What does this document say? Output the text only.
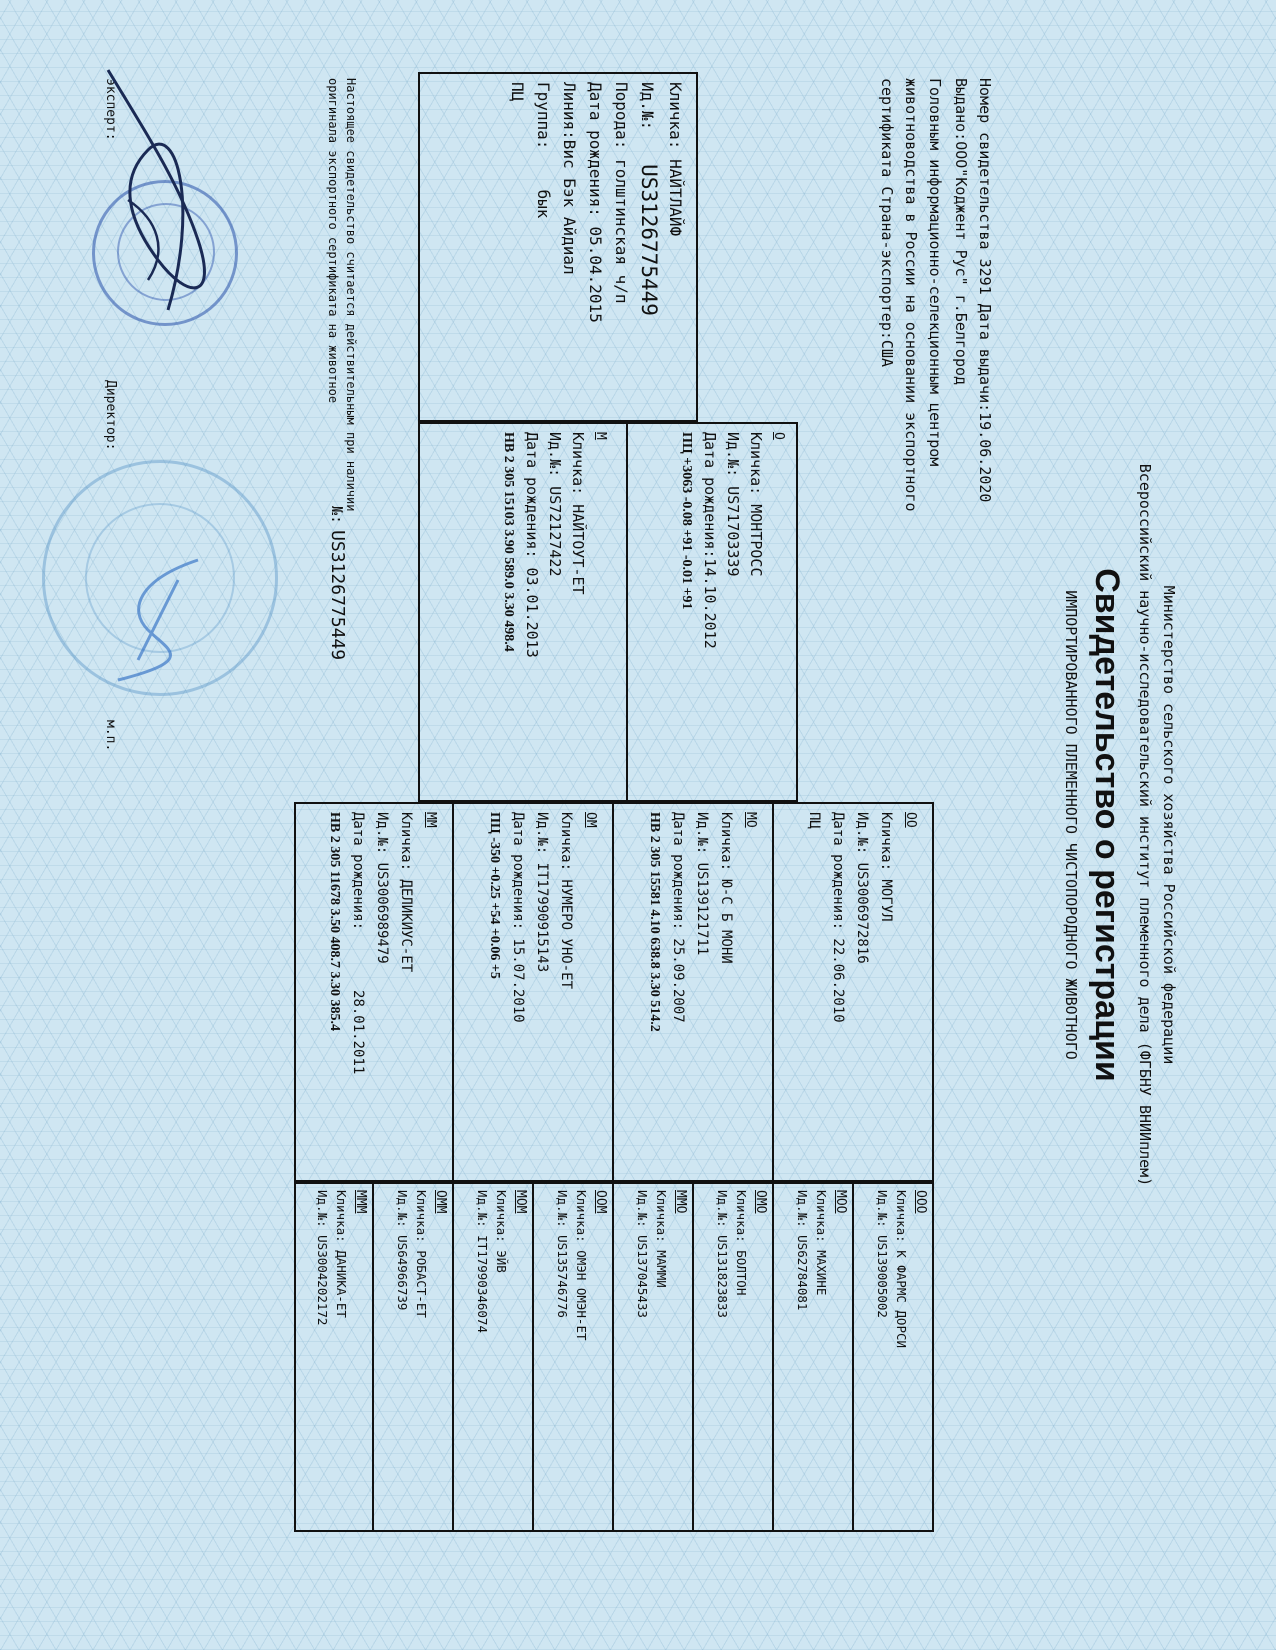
Министерство сельского хозяйства Российской федерации
Всероссийский научно-исследовательский институт племенного дела (ФГБНУ ВНИИплем)
Свидетельство о регистрации
ИМПОРТИРОВАННОГО ПЛЕМЕННОГО ЧИСТОПОРОДНОГО ЖИВОТНОГО
Номер свидетельства 3291 Дата выдачи:19.06.2020
Выдано:ООО"Коджент Рус" г.Белгород
Головным информационно-селекционным центром
животноводства в России на основании экспортного
сертификата Страна-экспортер:США
Кличка: НАЙТЛАЙФ
Ид.№:US3126775449
Порода: голштинская ч/п
Дата рождения: 05.04.2015
Линия:Вис Бэк Айдиал
Группа:бык
ПЦ
О
Кличка: МОНТРОСС
Ид.№: US71703339
Дата рождения:14.10.2012
ПЦ +3063 -0.08 +91 -0.01 +91
М
Кличка: НАЙТОУТ-ЕТ
Ид.№: US72127422
Дата рождения: 03.01.2013
НВ 2 305 15103 3.90 589.0 3.30 498.4
ОО
Кличка: МОГУЛ
Ид.№: US3006972816
Дата рождения: 22.06.2010
ПЦ
МО
Кличка: Ю-С Б МОНИ
Ид.№: US139121711
Дата рождения: 25.09.2007
НВ 2 305 15581 4.10 638.8 3.30 514.2
ОМ
Кличка: НУМЕРО УНО-ЕТ
Ид.№: IT17990915143
Дата рождения: 15.07.2010
ПЦ -350 +0.25 +54 +0.06 +5
ММ
Кличка: ДЕЛИКИУС-ЕТ
Ид.№: US3006989479
Дата рождения:28.01.2011
НВ 2 305 11678 3.50 408.7 3.30 385.4
ООО
Кличка: К ФАРМС ДОРСИ
Ид.№: US139005002
МОО
Кличка: МАХИНЕ
Ид.№: US62784081
ОМО
Кличка: БОЛТОН
Ид.№: US131823833
ММО
Кличка: МАММИ
Ид.№: US137045433
ООМ
Кличка: ОМЭН ОМЭН-ЕТ
Ид.№: US135746776
МОМ
Кличка: ЭЙВ
Ид.№: IT17990346074
ОММ
Кличка: РОБАСТ-ЕТ
Ид.№: US64966739
МММ
Кличка: ДАНИКА-ЕТ
Ид.№: US3004202172
Настоящее свидетельство считается действительным при наличии
оригинала экспортного сертификата на животное
№:US3126775449
эксперт:
Директор:
м.п.
